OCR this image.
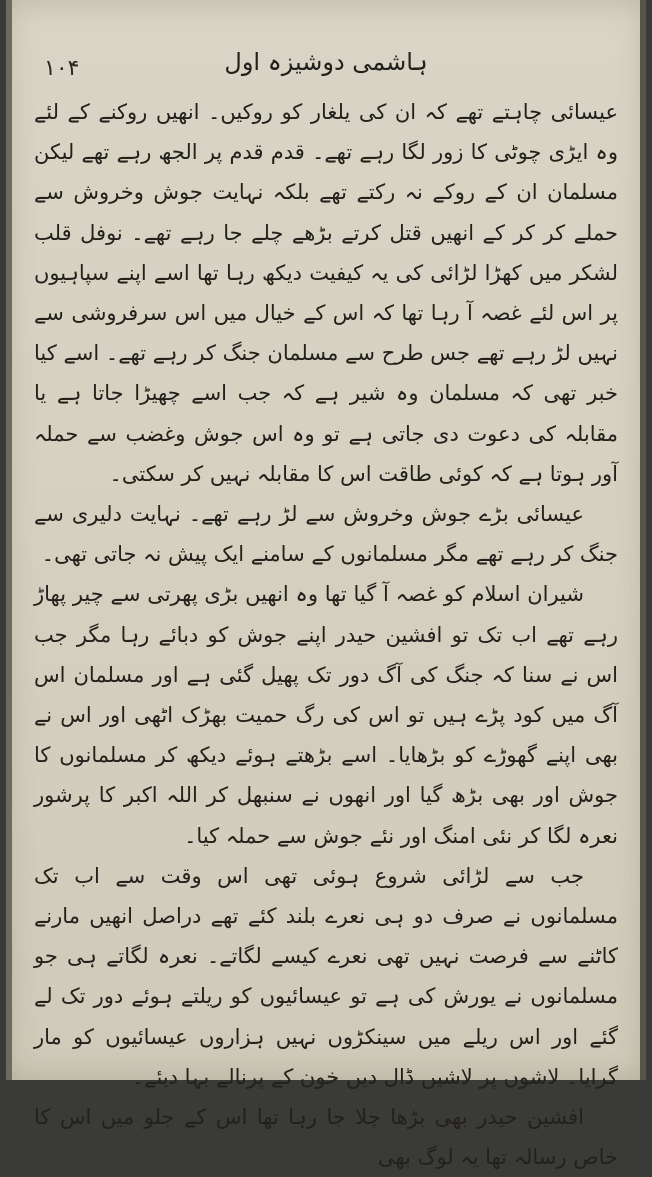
١٠۴	ہاشمی دوشیزہ اول

عیسائی چاہتے تھے کہ ان کی یلغار کو روکیں۔ انھیں روکنے کے لئے وہ ایڑی چوٹی کا زور لگا رہے تھے۔ قدم قدم پر الجھ رہے تھے لیکن مسلمان ان کے روکے نہ رکتے تھے بلکہ نہایت جوش وخروش سے حملے کر کر کے انھیں قتل کرتے بڑھے چلے جا رہے تھے۔ نوفل قلب لشکر میں کھڑا لڑائی کی یہ کیفیت دیکھ رہا تھا اسے اپنے سپاہیوں پر اس لئے غصہ آ رہا تھا کہ اس کے خیال میں اس سرفروشی سے نہیں لڑ رہے تھے جس طرح سے مسلمان جنگ کر رہے تھے۔ اسے کیا خبر تھی کہ مسلمان وہ شیر ہے کہ جب اسے چھیڑا جاتا ہے یا مقابلہ کی دعوت دی جاتی ہے تو وہ اس جوش وغضب سے حملہ آور ہوتا ہے کہ کوئی طاقت اس کا مقابلہ نہیں کر سکتی۔

عیسائی بڑے جوش وخروش سے لڑ رہے تھے۔ نہایت دلیری سے جنگ کر رہے تھے مگر مسلمانوں کے سامنے ایک پیش نہ جاتی تھی۔

شیران اسلام کو غصہ آ گیا تھا وہ انھیں بڑی پھرتی سے چیر پھاڑ رہے تھے اب تک تو افشین حیدر اپنے جوش کو دبائے رہا مگر جب اس نے سنا کہ جنگ کی آگ دور تک پھیل گئی ہے اور مسلمان اس آگ میں کود پڑے ہیں تو اس کی رگ حمیت بھڑک اٹھی اور اس نے بھی اپنے گھوڑے کو بڑھایا۔ اسے بڑھتے ہوئے دیکھ کر مسلمانوں کا جوش اور بھی بڑھ گیا اور انھوں نے سنبھل کر اللہ اکبر کا پرشور نعرہ لگا کر نئی امنگ اور نئے جوش سے حملہ کیا۔

جب سے لڑائی شروع ہوئی تھی اس وقت سے اب تک مسلمانوں نے صرف دو ہی نعرے بلند کئے تھے دراصل انھیں مارنے کاٹنے سے فرصت نہیں تھی نعرے کیسے لگاتے۔ نعرہ لگاتے ہی جو مسلمانوں نے یورش کی ہے تو عیسائیوں کو ریلتے ہوئے دور تک لے گئے اور اس ریلے میں سینکڑوں نہیں ہزاروں عیسائیوں کو مار گرایا۔ لاشوں پر لاشیں ڈال دیں خون کے پرنالے بہا دیئے۔

افشین حیدر بھی بڑھا چلا جا رہا تھا اس کے جلو میں اس کا خاص رسالہ تھا یہ لوگ بھی
